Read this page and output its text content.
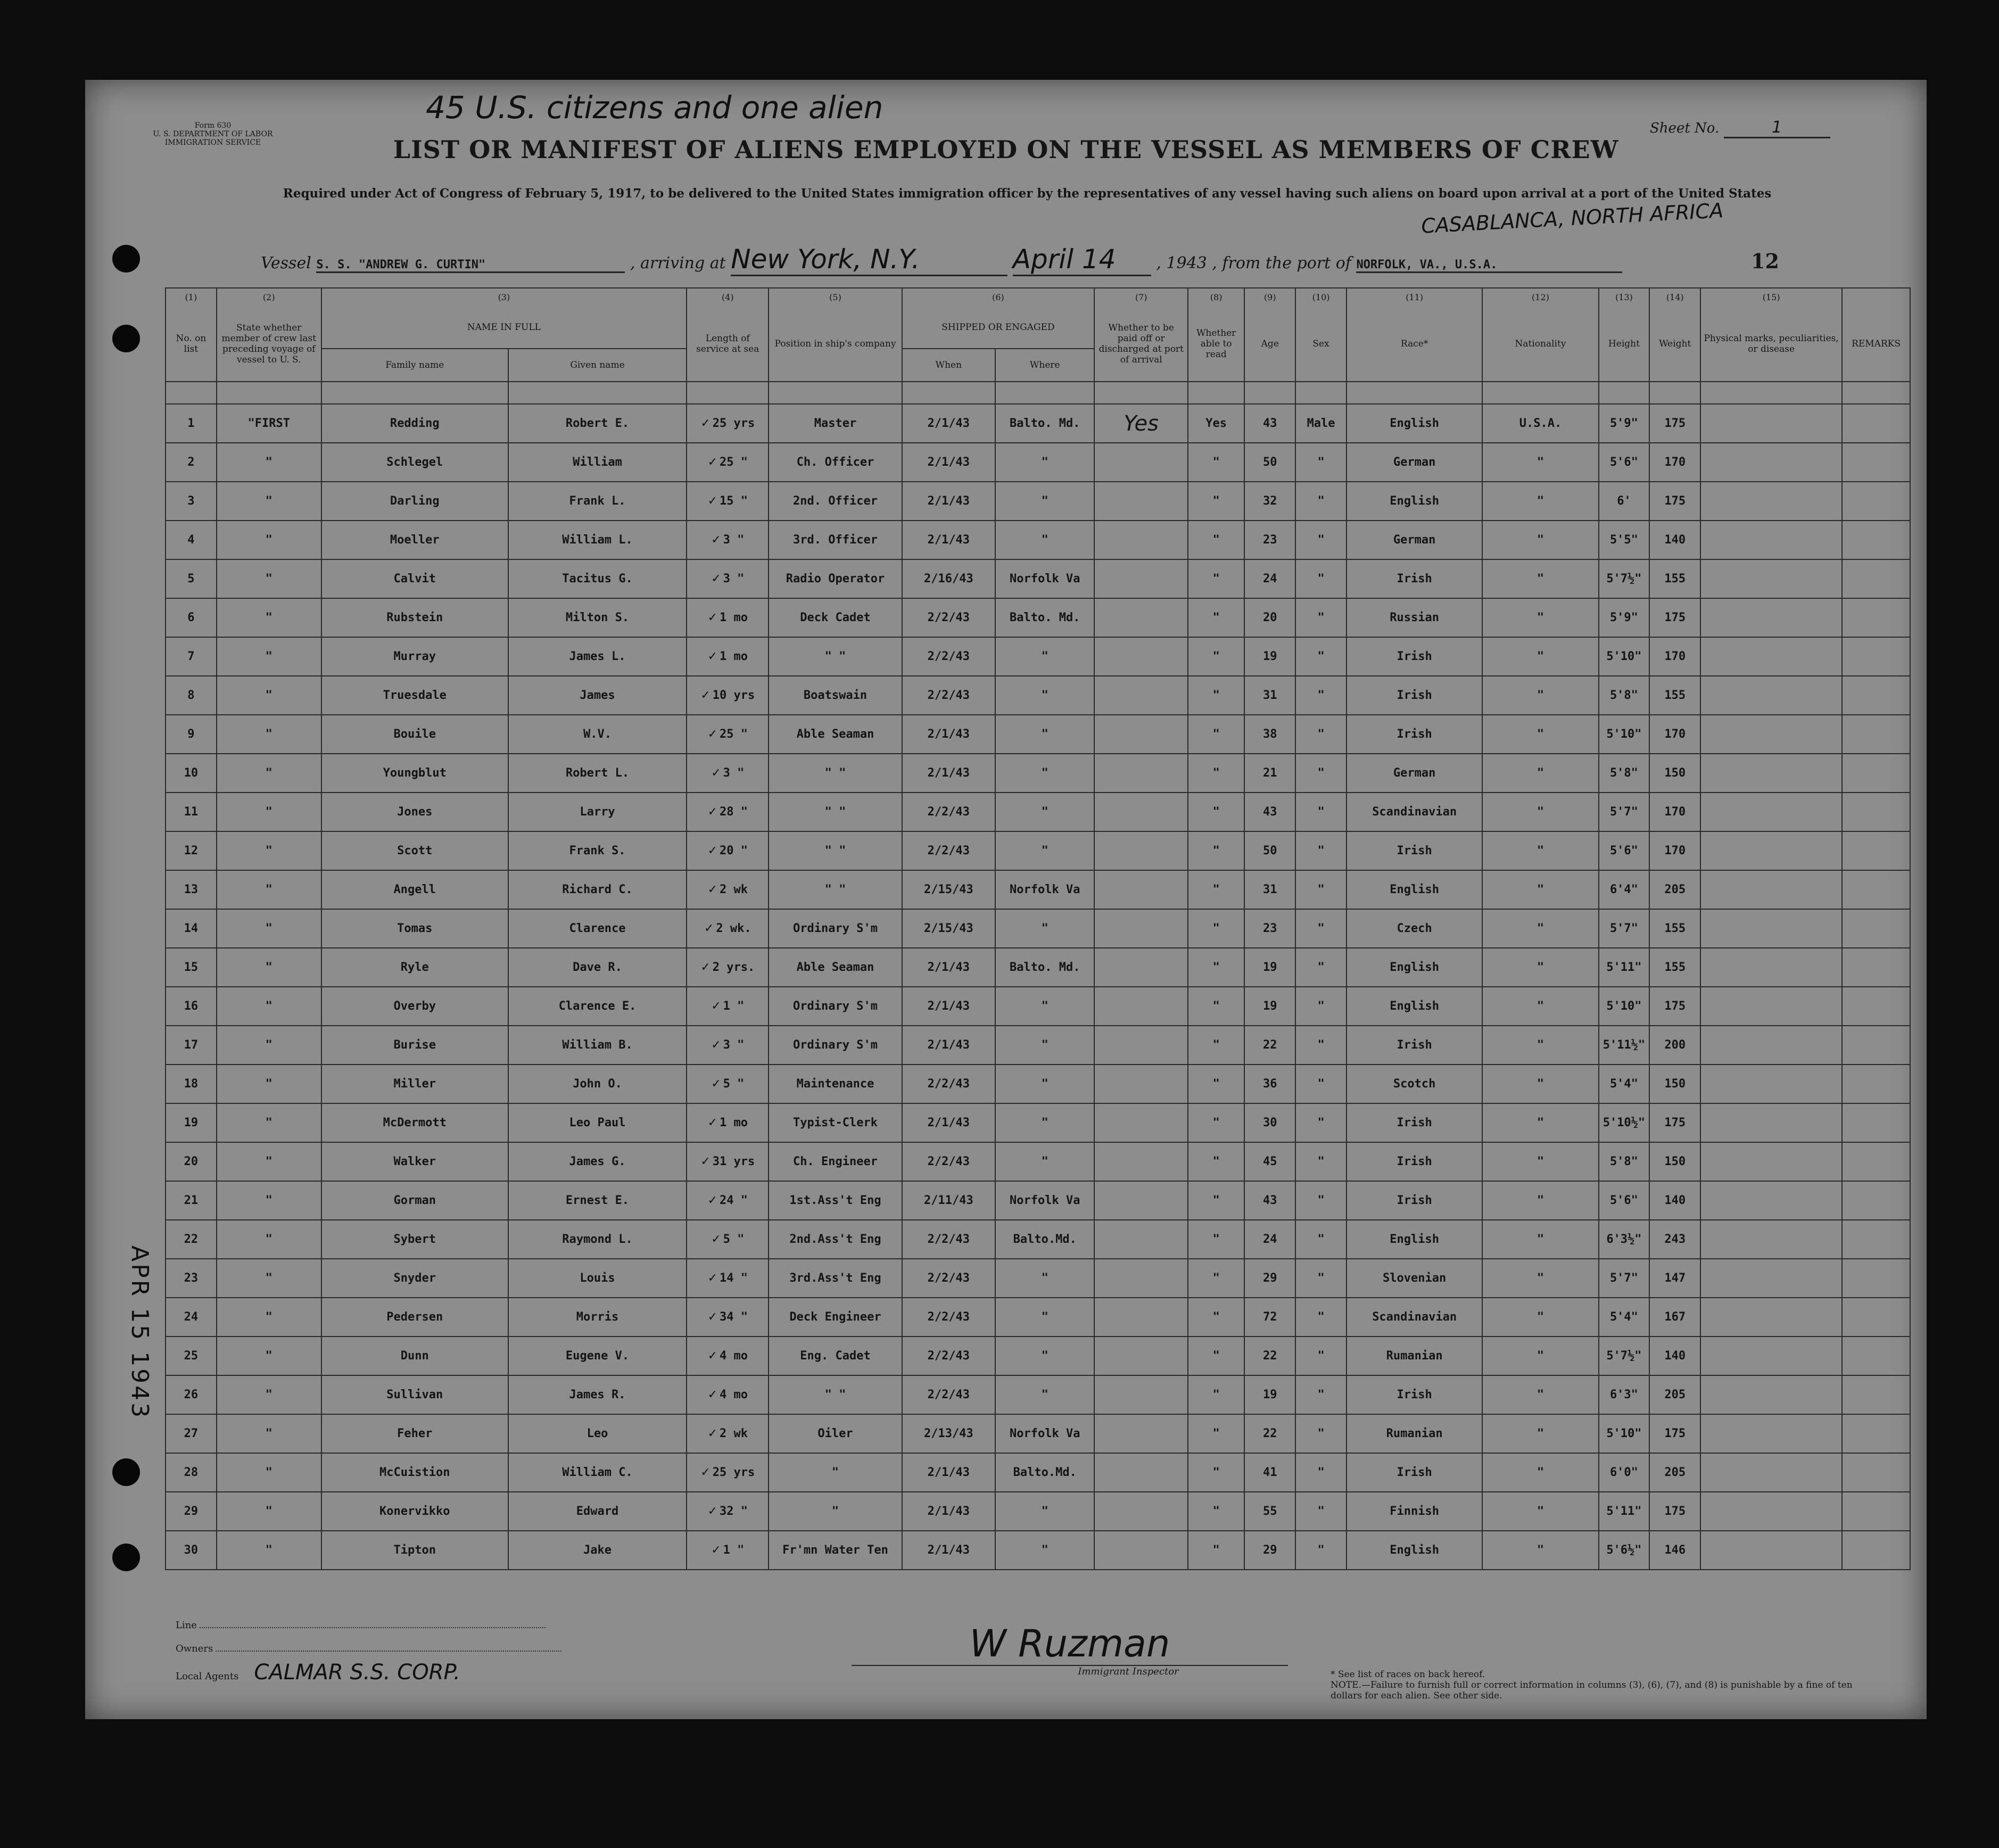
Form 630
U. S. DEPARTMENT OF LABOR
IMMIGRATION SERVICE
45 U.S. citizens and one alien
Sheet No.	1
LIST OR MANIFEST OF ALIENS EMPLOYED ON THE VESSEL AS MEMBERS OF CREW
Required under Act of Congress of February 5, 1917, to be delivered to the United States immigration officer by the representatives of any vessel having such aliens on board upon arrival at a port of the United States
Vessel S. S. "ANDREW G. CURTIN"	, arriving at New York, N.Y.	April 14	, 1943 , from the port of NORFOLK, VA., U.S.A.
CASABLANCA, NORTH AFRICA
12
(1)	(2)	(3)		(4)	(5)	(6)		(7)	(8)	(9)	(10)	(11)	(12)	(13)	(14)	(15)	
No. on list	State whether member of crew last preceding voyage of vessel to U. S.	NAME IN FULL		Length of service at sea	Position in ship's company	SHIPPED OR ENGAGED		Whether to be paid off or discharged at port of arrival	Whether able to read	Age	Sex	Race*	Nationality	Height	Weight	Physical marks, peculiarities, or disease	REMARKS
		Family name	Given name			When	Where										

1	"FIRST	Redding	Robert E.	✓ 25 yrs	Master	2/1/43	Balto. Md.	Yes	Yes	43	Male	English	U.S.A.	5'9"	175		
2	"	Schlegel	William	✓ 25 "	Ch. Officer	2/1/43	"		"	50	"	German	"	5'6"	170		
3	"	Darling	Frank L.	✓ 15 "	2nd. Officer	2/1/43	"		"	32	"	English	"	6'	175		
4	"	Moeller	William L.	✓ 3 "	3rd. Officer	2/1/43	"		"	23	"	German	"	5'5"	140		
5	"	Calvit	Tacitus G.	✓ 3 "	Radio Operator	2/16/43	Norfolk Va		"	24	"	Irish	"	5'7½"	155		
6	"	Rubstein	Milton S.	✓ 1 mo	Deck Cadet	2/2/43	Balto. Md.		"	20	"	Russian	"	5'9"	175		
7	"	Murray	James L.	✓ 1 mo	" "	2/2/43	"		"	19	"	Irish	"	5'10"	170		
8	"	Truesdale	James	✓ 10 yrs	Boatswain	2/2/43	"		"	31	"	Irish	"	5'8"	155		
9	"	Bouile	W.V.	✓ 25 "	Able Seaman	2/1/43	"		"	38	"	Irish	"	5'10"	170		
10	"	Youngblut	Robert L.	✓ 3 "	" "	2/1/43	"		"	21	"	German	"	5'8"	150		
11	"	Jones	Larry	✓ 28 "	" "	2/2/43	"		"	43	"	Scandinavian	"	5'7"	170		
12	"	Scott	Frank S.	✓ 20 "	" "	2/2/43	"		"	50	"	Irish	"	5'6"	170		
13	"	Angell	Richard C.	✓ 2 wk	" "	2/15/43	Norfolk Va		"	31	"	English	"	6'4"	205		
14	"	Tomas	Clarence	✓ 2 wk.	Ordinary S'm	2/15/43	"		"	23	"	Czech	"	5'7"	155		
15	"	Ryle	Dave R.	✓ 2 yrs.	Able Seaman	2/1/43	Balto. Md.		"	19	"	English	"	5'11"	155		
16	"	Overby	Clarence E.	✓ 1 "	Ordinary S'm	2/1/43	"		"	19	"	English	"	5'10"	175		
17	"	Burise	William B.	✓ 3 "	Ordinary S'm	2/1/43	"		"	22	"	Irish	"	5'11½"	200		
18	"	Miller	John O.	✓ 5 "	Maintenance	2/2/43	"		"	36	"	Scotch	"	5'4"	150		
19	"	McDermott	Leo Paul	✓ 1 mo	Typist-Clerk	2/1/43	"		"	30	"	Irish	"	5'10½"	175		
20	"	Walker	James G.	✓ 31 yrs	Ch. Engineer	2/2/43	"		"	45	"	Irish	"	5'8"	150		
21	"	Gorman	Ernest E.	✓ 24 "	1st.Ass't Eng	2/11/43	Norfolk Va		"	43	"	Irish	"	5'6"	140		
22	"	Sybert	Raymond L.	✓ 5 "	2nd.Ass't Eng	2/2/43	Balto.Md.		"	24	"	English	"	6'3½"	243		
23	"	Snyder	Louis	✓ 14 "	3rd.Ass't Eng	2/2/43	"		"	29	"	Slovenian	"	5'7"	147		
24	"	Pedersen	Morris	✓ 34 "	Deck Engineer	2/2/43	"		"	72	"	Scandinavian	"	5'4"	167		
25	"	Dunn	Eugene V.	✓ 4 mo	Eng. Cadet	2/2/43	"		"	22	"	Rumanian	"	5'7½"	140		
26	"	Sullivan	James R.	✓ 4 mo	" "	2/2/43	"		"	19	"	Irish	"	6'3"	205		
27	"	Feher	Leo	✓ 2 wk	Oiler	2/13/43	Norfolk Va		"	22	"	Rumanian	"	5'10"	175		
28	"	McCuistion	William C.	✓ 25 yrs	"	2/1/43	Balto.Md.		"	41	"	Irish	"	6'0"	205		
29	"	Konervikko	Edward	✓ 32 "	"	2/1/43	"		"	55	"	Finnish	"	5'11"	175		
30	"	Tipton	Jake	✓ 1 "	Fr'mn Water Ten	2/1/43	"		"	29	"	English	"	5'6½"	146		
Line
Owners
Local Agents CALMAR S.S. CORP.
W Ruzman
Immigrant Inspector	* See list of races on back hereof.
NOTE.—Failure to furnish full or correct information in columns (3), (6), (7), and (8) is punishable by a fine of ten dollars for each alien. See other side.
ANDREW G. CURTIN
APR 15 1943
